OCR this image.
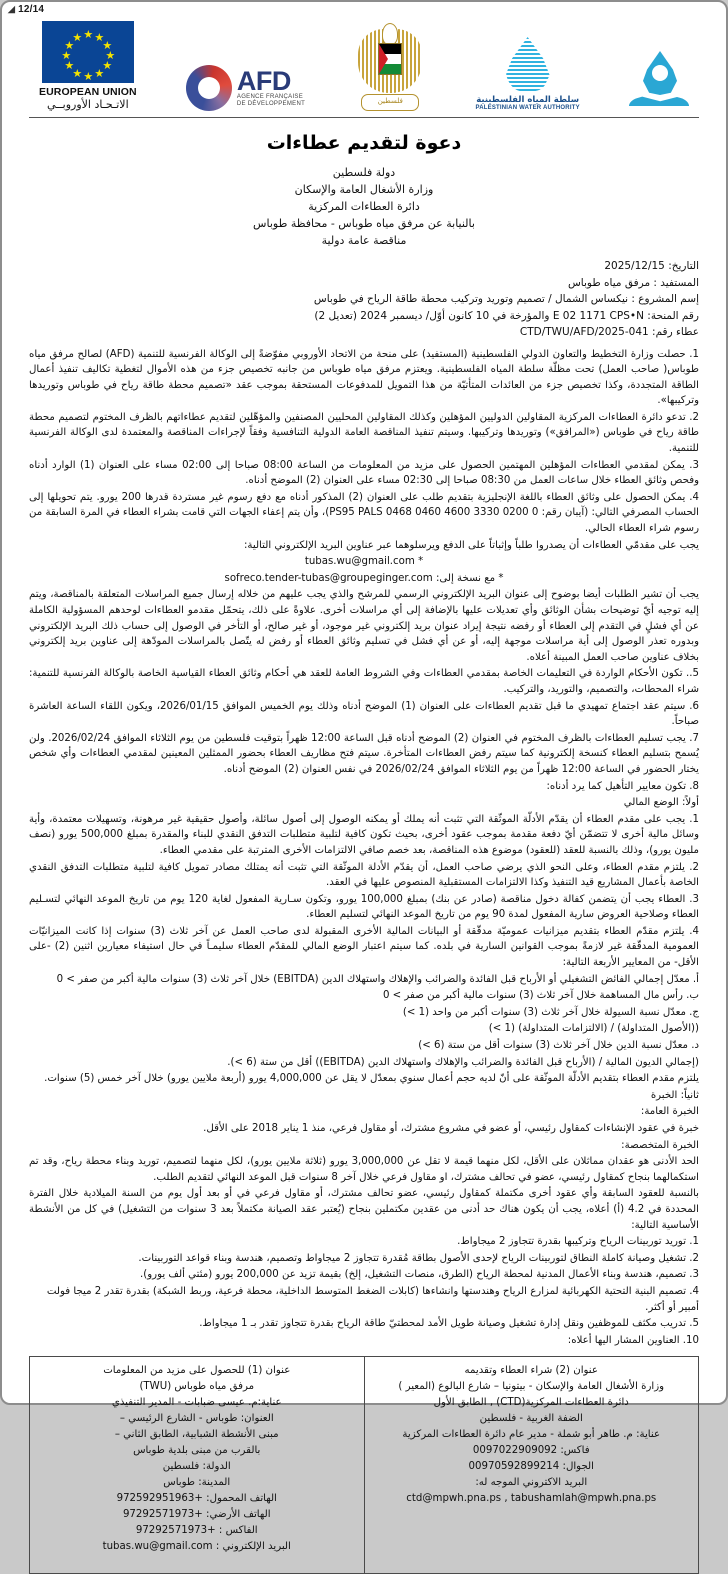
◢ 12/14
★ ★
★
★
★
★
★
★
★
★
★
★
EUROPEAN UNION
الاتـحـاد الأوروبــي
AFD
AGENCE FRANÇAISE
DE DÉVELOPPEMENT	فلسطين	سلطة المياه الفلسطينية
PALESTINIAN WATER AUTHORITY
دعوة لتقديم عطاءات
دولة فلسطين
وزارة الأشغال العامة والإسكان
دائرة العطاءات المركزية
بالنيابة عن مرفق مياه طوباس - محافظة طوباس
مناقصة عامة دولية
التاريخ: 2025/12/15
المستفيد : مرفق مياه طوباس
إسم المشروع : نيكساس الشمال / تصميم وتوريد وتركيب محطة طاقة الرياح في طوباس
رقم المنحة: E 02 1171 CPS•N والمؤرخة في 10 كانون أوّل/ ديسمبر 2024 (تعديل 2)
عطاء رقم: 041-CTD/TWU/AFD/2025

1. حصلت وزارة التخطيط والتعاون الدولي الفلسطينية (المستفيد) على منحة من الاتحاد الأوروبي مفوّضةً إلى الوكالة الفرنسية للتنمية (AFD) لصالح مرفق مياه طوباس( صاحب العمل) تحت مظلّة سلطة المياه الفلسطينية. ويعتزم مرفق مياه طوباس من جانبه تخصيص جزء من هذه الأموال لتغطية تكاليف تنفيذ أعمال الطاقة المتجددة، وكذا تخصيص جزء من العائدات المتأتيّة من هذا التمويل للمدفوعات المستحقة بموجب عقد «تصميم محطة طاقة رياح في طوباس وتوريدها وتركيبها».

2. تدعو دائرة العطاءات المركزية المقاولين الدوليين المؤهلين وكذلك المقاولين المحليين المصنفين والمؤهّلين لتقديم عطاءاتهم بالظرف المختوم لتصميم محطة طاقة رياح في طوباس («المرافق») وتوريدها وتركيبها. وسيتم تنفيذ المناقصة العامة الدولية التنافسية وفقاً لإجراءات المناقصة والمعتمدة لدى الوكالة الفرنسية للتنمية.

3. يمكن لمقدمي العطاءات المؤهلين المهتمين الحصول على مزيد من المعلومات من الساعة 08:00 صباحا إلى 02:00 مساء على العنوان (1) الوارد أدناه وفحص وثائق العطاء خلال ساعات العمل من 08:30 صباحا إلى 02:30 مساء على العنوان (2) الموضح أدناه.

4. يمكن الحصول على وثائق العطاء باللغة الإنجليزية بتقديم طلب على العنوان (2) المذكور أدناه مع دفع رسوم غير مستردة قدرها 200 يورو. يتم تحويلها إلى الحساب المصرفي التالي: (آيبان رقم: 0 0200 3330 4600 0460 0468 PS95 PALS)، وأن يتم إعفاء الجهات التي قامت بشراء العطاء في المرة السابقة من رسوم شراء العطاء الحالي.

يجب على مقدمّي العطاءات أن يصدروا طلباً وإثباتاً على الدفع ويرسلوهما عبر عناوين البريد الإلكتروني التالية:

* tubas.wu@gmail.com

* مع نسخة إلى: sofreco.tender-tubas@groupeginger.com

يجب أن تشير الطلبات أيضا بوضوح إلى عنوان البريد الإلكتروني الرسمي للمرشح والذي يجب عليهم من خلاله إرسال جميع المراسلات المتعلقة بالمناقصة، ويتم إليه توجيه أيّ توضيحات بشأن الوثائق وأي تعديلات عليها بالإضافة إلى أي مراسلات أخرى. علاوةً على ذلك، يتحمّل مقدمو العطاءات لوحدهم المسؤولية الكاملة عن أي فشلٍ في التقدم إلى العطاء أو رفضه نتيجة إيراد عنوان بريد إلكتروني غير موجود، أو غير صالح، أو التأخر في الوصول إلى حساب ذلك البريد الإلكتروني وبدوره تعذر الوصول إلى أية مراسلات موجهة إليه، أو عن أي فشل في تسليم وثائق العطاء أو رفض له يتّصل بالمراسلات المودّهة إلى عناوين بريد إلكتروني بخلاف عناوين صاحب العمل المبينة أعلاه.

5.. تكون الأحكام الواردة في التعليمات الخاصة بمقدمي العطاءات وفي الشروط العامة للعقد هي أحكام وثائق العطاء القياسية الخاصة بالوكالة الفرنسية للتنمية: شراء المحطات، والتصميم، والتوريد، والتركيب.

6. سيتم عقد اجتماع تمهيدي ما قبل تقديم العطاءات على العنوان (1) الموضح أدناه وذلك يوم الخميس الموافق 2026/01/15، ويكون اللقاء الساعة العاشرة صباحاً.

7. يجب تسليم العطاءات بالظرف المختوم في العنوان (2) الموضح أدناه قبل الساعة 12:00 ظهراً بتوقيت فلسطين من يوم الثلاثاء الموافق 2026/02/24. ولن يُسمح بتسليم العطاء كنسخة إلكترونية كما سيتم رفض العطاءات المتأخرة. سيتم فتح مظاريف العطاء بحضور الممثلين المعينين لمقدمي العطاءات وأي شخص يختار الحضور في الساعة 12:00 ظهراً من يوم الثلاثاء الموافق 2026/02/24 في نفس العنوان (2) الموضح أدناه.

8. تكون معايير التأهيل كما يرد أدناه:

أولاً: الوضع المالي

1. يجب على مقدم العطاء أن يقدّم الأدلّة الموثّقة التي تثبت أنه يملك أو يمكنه الوصول إلى أصول سائلة، وأصول حقيقية غير مرهونة، وتسهيلات معتمدة، وأية وسائل مالية أخرى لا تتضمّن أيّ دفعة مقدمة بموجب عقود أخرى، بحيث تكون كافية لتلبية متطلبات التدفق النقدي للبناء والمقدرة بمبلغ 500,000 يورو (نصف مليون يورو)، وذلك بالنسبة للعقد (للعقود) موضوع هذه المناقصة، بعد خصم صافي الالتزامات الأخرى المترتبة على مقدمي العطاء.

2. يلتزم مقدم العطاء، وعلى النحو الذي يرضي صاحب العمل، أن يقدّم الأدلة الموثّقة التي تثبت أنه يمتلك مصادر تمويل كافية لتلبية متطلبات التدفق النقدي الخاصة بأعمال المشاريع قيد التنفيذ وكذا الالتزامات المستقبلية المنصوص عليها في العقد.

3. العطاء يجب أن يتضمن كفالة دخول مناقصة (صادر عن بنك) بمبلغ 100,000 يورو، وتكون سـارية المفعول لغاية 120 يوم من تاريخ الموعد النهائي لتسـليم العطاء وصلاحية العروض سارية المفعول لمدة 90 يوم من تاريخ الموعد النهائي لتسليم العطاء.

4. يلتزم مقدّم العطاء بتقديم ميزانيات عموميّة مدقّقة أو البيانات المالية الأخرى المقبولة لدى صاحب العمل عن آخر ثلاث (3) سنوات إذا كانت الميزانيّات العمومية المدقّقة غير لازمةً بموجب القوانين السارية في بلده. كما سيتم اعتبار الوضع المالي للمقدّم العطاء سليمـاً في حال استيفاء معيارين اثنين (2) -على الأقل- من المعايير الأربعة التالية:

أ. معدّل إجمالي الفائض التشغيلي أو الأرباح قبل الفائدة والضرائب والإهلاك واستهلاك الدين (EBITDA) خلال آخر ثلاث (3) سنوات مالية أكبر من صفر > 0

ب. رأس مال المساهمة خلال آخر ثلاث (3) سنوات مالية أكبر من صفر > 0

ج. معدّل نسبة السيولة خلال آخر ثلاث (3) سنوات أكبر من واحد (1 >)

((الأصول المتداولة) / (الالتزامات المتداولة) (1 >)

د. معدّل نسبة الدين خلال آخر ثلاث (3) سنوات أقل من ستة (6 >)

(إجمالي الديون المالية / (الأرباح قبل الفائدة والضرائب والإهلاك واستهلاك الدين (EBITDA)) أقل من ستة (6 >).

يلتزم مقدم العطاء بتقديم الأدلّة الموثّقة على أنّ لديه حجم أعمال سنوي بمعدّل لا يقل عن 4,000,000 يورو (أربعة ملايين يورو) خلال آخر خمس (5) سنوات.

ثانياً: الخبرة

الخبرة العامة:

خبرة في عقود الإنشاءات كمقاول رئيسي، أو عضو في مشروع مشترك، أو مقاول فرعي، منذ 1 يناير 2018 على الأقل.

الخبرة المتخصصة:

الحد الأدنى هو عقدان مماثلان على الأقل، لكل منهما قيمة لا تقل عن 3,000,000 يورو (ثلاثة ملايين يورو)، لكل منهما لتصميم، توريد وبناء محطة رياح، وقد تم استكمالهما بنجاح كمقاول رئيسي، عضو في تحالف مشترك، او مقاول فرعي خلال آخر 8 سنوات قبل الموعد النهائي لتقديم الطلب.

بالنسبة للعقود السابقة وأي عقود أخرى مكتملة كمقاول رئيسي، عضو تحالف مشترك، أو مقاول فرعي في أو بعد أول يوم من السنة الميلادية خلال الفترة المحددة في 4.2 (أ) أعلاه، يجب أن يكون هناك حد أدنى من عقدين مكتملين بنجاح (يُعتبر عقد الصيانة مكتملاً بعد 3 سنوات من التشغيل) في كل من الأنشطة الأساسية التالية:

1. توريد توربينات الرياح وتركيبها بقدرة تتجاوز 2 ميجاواط.

2. تشغيل وصيانة كاملة النطاق لتوربينات الرياح لإحدى الأصول بطاقة مُقدرة تتجاوز 2 ميجاواط وتصميم، هندسة وبناء قواعد التوربينات.

3. تصميم، هندسة وبناء الأعمال المدنية لمحطة الرياح (الطرق، منصات التشغيل، إلخ) بقيمة تزيد عن 200,000 يورو (مئتي ألف يورو).

4. تصميم البنية التحتية الكهربائية لمزارع الرياح وهندستها وانشاءها (كابلات الضغط المتوسط الداخلية، محطة فرعية، وربط الشبكة) بقدرة تقدر 2 ميجا فولت أمبير أو أكثر.

5. تدريب مكثف للموظفين ونقل إدارة تشغيل وصيانة طويل الأمد لمحطتيّ طاقة الرياح بقدرة تتجاوز تقدر بـ 1 ميجاواط.

10. العناوين المشار اليها أعلاه:

عنوان (2) شراء العطاء وتقديمه
وزارة الأشغال العامة والإسكان - بيتونيا – شارع البالوع (المعير )
دائرة العطاءات المركزية(CTD) , الطابق الأول
الضفة الغربية - فلسطين
عناية: م. طاهر أبو شملة - مدير عام دائرة العطاءات المركزية
فاكس: 0097022909092
الجوال: 00970592899214
البريد الاكتروني الموجه له:
ctd@mpwh.pna.ps , tabushamlah@mpwh.pna.ps

عنوان (1) للحصول على مزيد من المعلومات
مرفق مياه طوباس (TWU)
عناية:م. عيسى ضبابات - المدير التنفيذي
العنوان: طوباس - الشارع الرئيسي –
مبنى الأنشطة الشبابية، الطابق الثاني –
بالقرب من مبنى بلدية طوباس
الدولة: فلسطين
المدينة: طوباس
الهاتف المحمول: +972592951963
الهاتف الأرضي: +97292571973
الفاكس : +97292571973
البريد الإلكتروني : tubas.wu@gmail.com
